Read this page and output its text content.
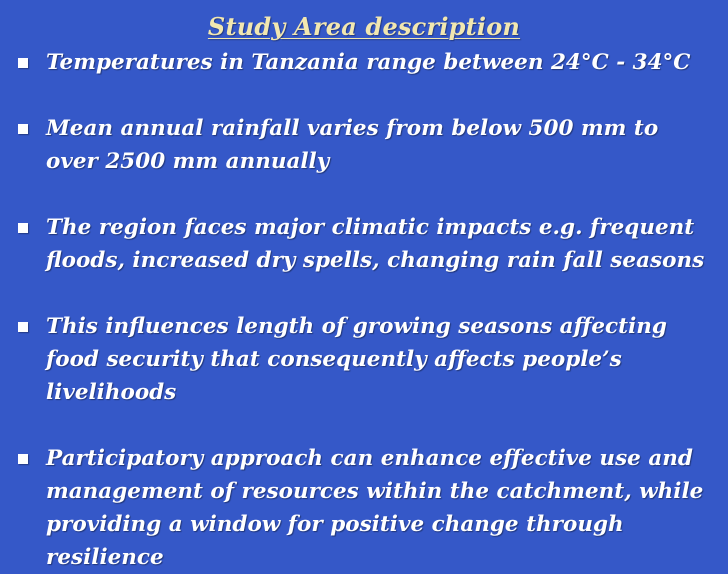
Study Area description
Temperatures in Tanzania range between 24°C - 34°C
Mean annual rainfall varies from below 500 mm to over 2500 mm annually
The region faces major climatic impacts e.g. frequent floods, increased dry spells, changing rain fall seasons
This influences length of growing seasons affecting food security that consequently affects people’s livelihoods
Participatory approach can enhance effective use and management of resources within the catchment, while providing a window for positive change through resilience
